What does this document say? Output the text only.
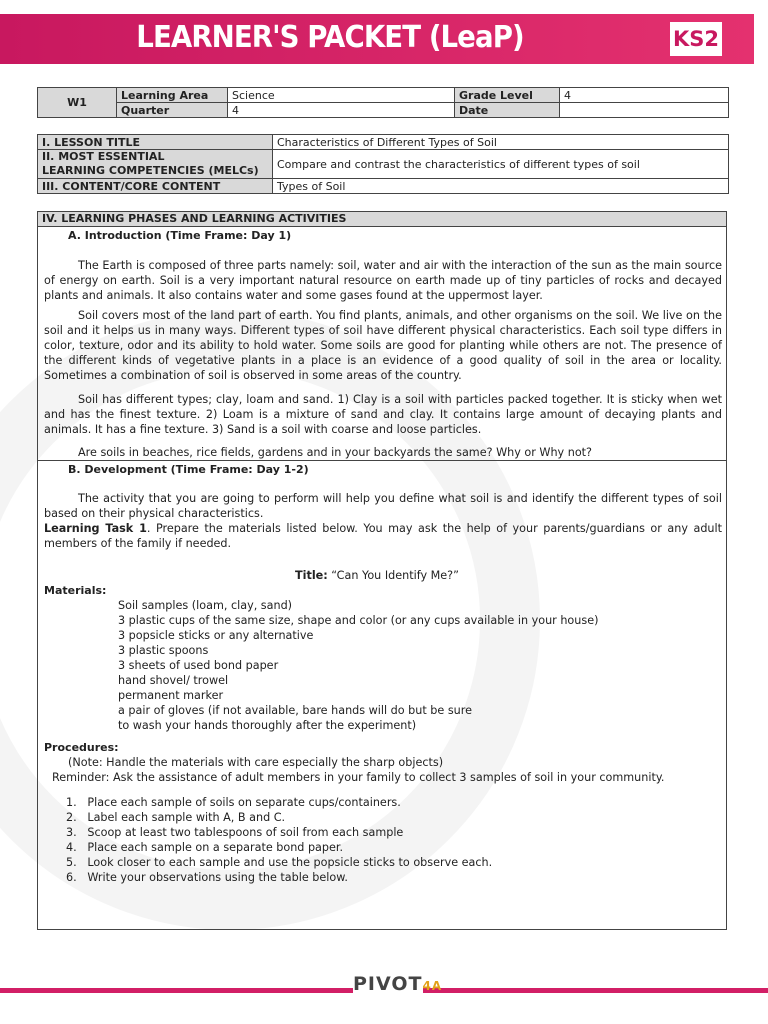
LEARNER'S PACKET (LeaP)	KS2
W1	Learning Area	Science	Grade Level	4
	Quarter	4	Date	
I. LESSON TITLE	Characteristics of Different Types of Soil
II. MOST ESSENTIAL LEARNING COMPETENCIES (MELCs)	Compare and contrast the characteristics of different types of soil
III. CONTENT/CORE CONTENT	Types of Soil
IV. LEARNING PHASES AND LEARNING ACTIVITIES
A. Introduction (Time Frame: Day 1)

The Earth is composed of three parts namely: soil, water and air with the interaction of the sun as the main source of energy on earth. Soil is a very important natural resource on earth made up of tiny particles of rocks and decayed plants and animals. It also contains water and some gases found at the uppermost layer.

Soil covers most of the land part of earth. You find plants, animals, and other organisms on the soil. We live on the soil and it helps us in many ways. Different types of soil have different physical characteristics. Each soil type differs in color, texture, odor and its ability to hold water. Some soils are good for planting while others are not. The presence of the different kinds of vegetative plants in a place is an evidence of a good quality of soil in the area or locality. Sometimes a combination of soil is observed in some areas of the country.

Soil has different types; clay, loam and sand. 1) Clay is a soil with particles packed together. It is sticky when wet and has the finest texture. 2) Loam is a mixture of sand and clay. It contains large amount of decaying plants and animals. It has a fine texture. 3) Sand is a soil with coarse and loose particles.

Are soils in beaches, rice fields, gardens and in your backyards the same? Why or Why not?

B. Development (Time Frame: Day 1-2)

The activity that you are going to perform will help you define what soil is and identify the different types of soil based on their physical characteristics.

Learning Task 1. Prepare the materials listed below. You may ask the help of your parents/guardians or any adult members of the family if needed.

Title: “Can You Identify Me?”
Materials:
Soil samples (loam, clay, sand)
3 plastic cups of the same size, shape and color (or any cups available in your house)
3 popsicle sticks or any alternative
3 plastic spoons
3 sheets of used bond paper
hand shovel/ trowel
permanent marker
a pair of gloves (if not available, bare hands will do but be sure
to wash your hands thoroughly after the experiment)
Procedures:
(Note: Handle the materials with care especially the sharp objects)
Reminder: Ask the assistance of adult members in your family to collect 3 samples of soil in your community.
1.   Place each sample of soils on separate cups/containers.
2.   Label each sample with A, B and C.
3.   Scoop at least two tablespoons of soil from each sample
4.   Place each sample on a separate bond paper.
5.   Look closer to each sample and use the popsicle sticks to observe each.
6.   Write your observations using the table below.
PIVOT4A
